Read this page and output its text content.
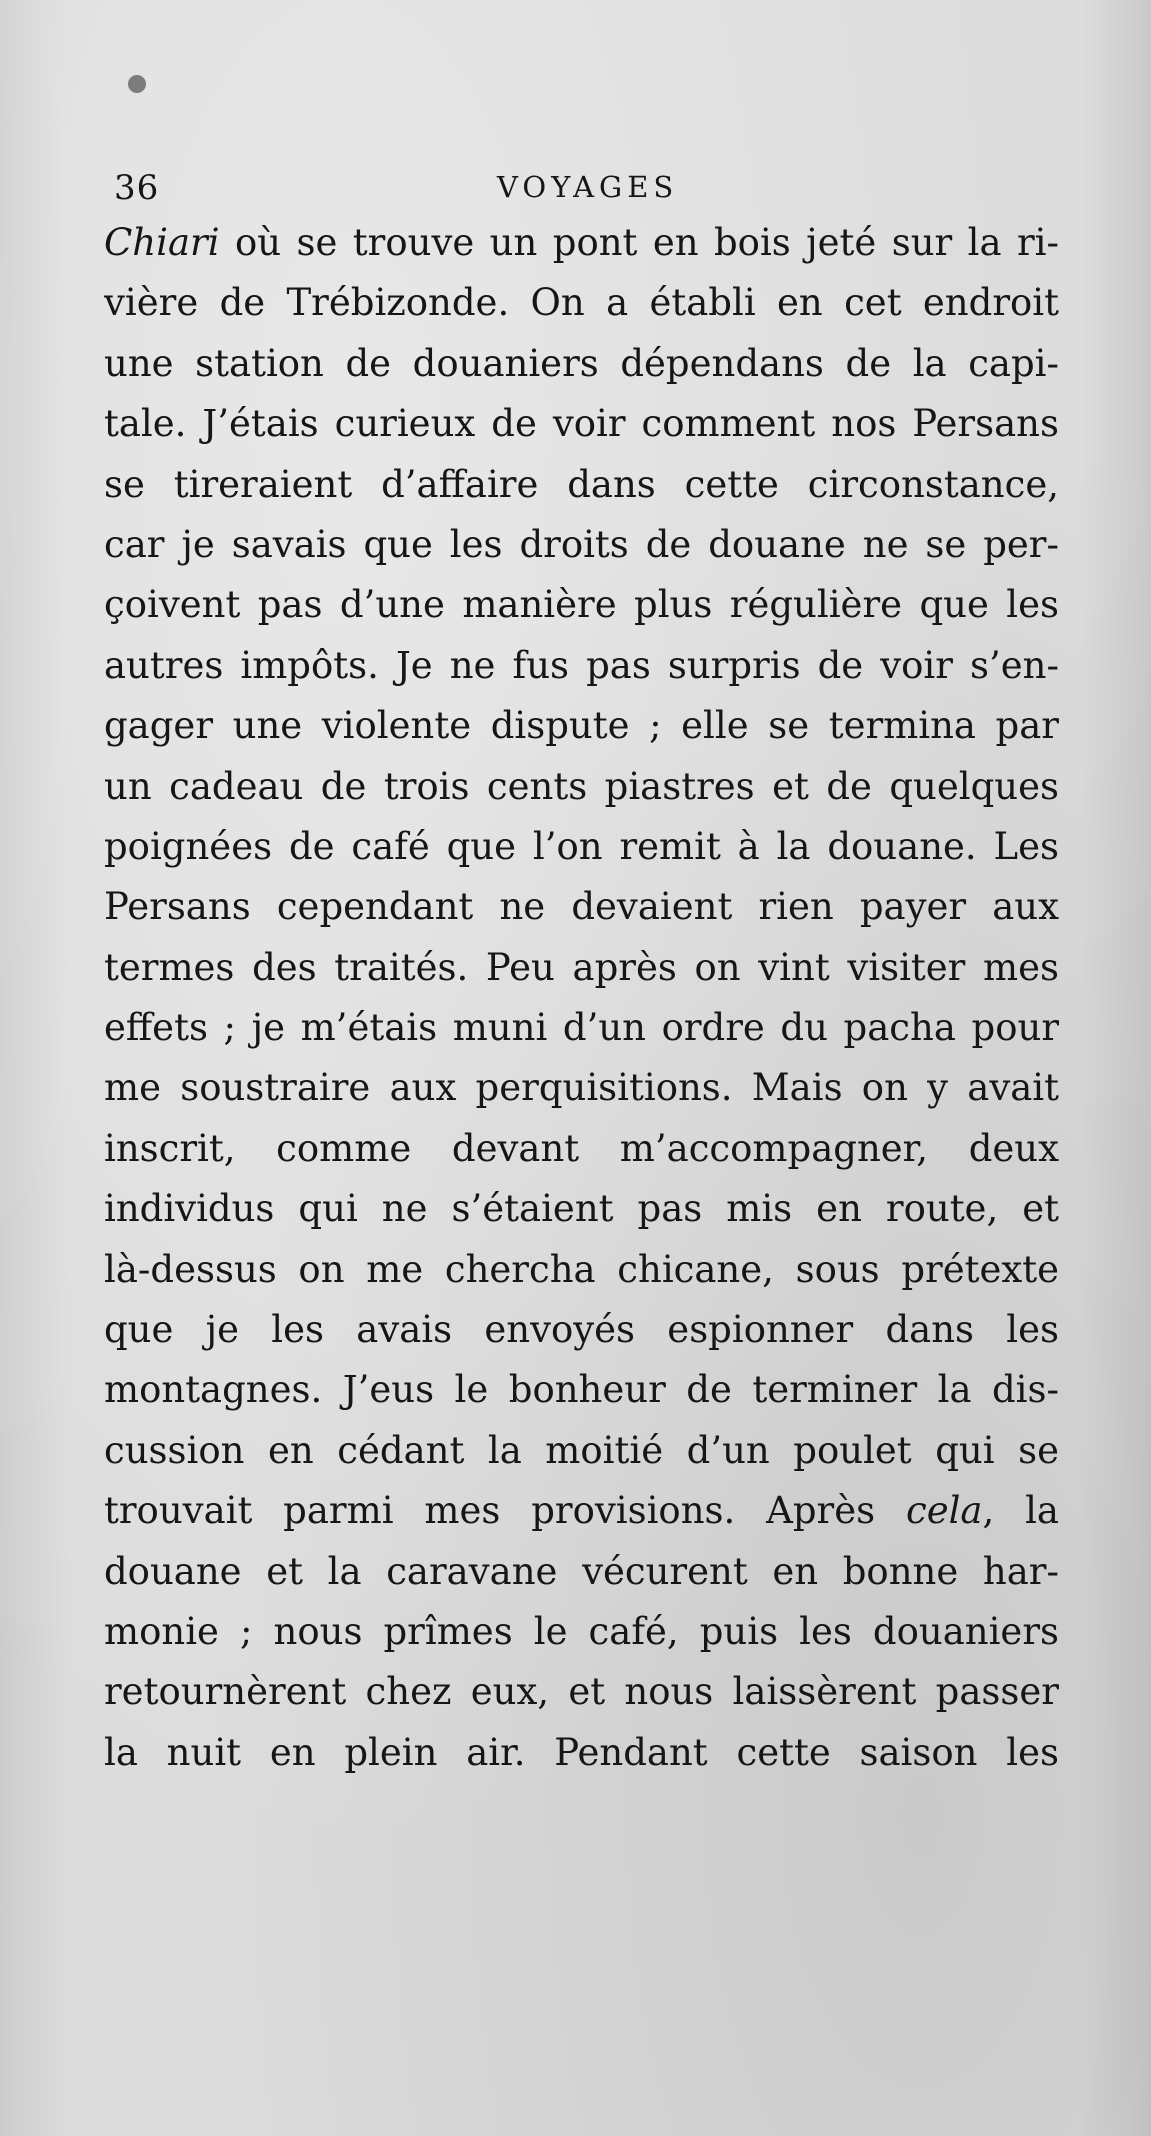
36	VOYAGES
Chiari où se trouve un pont en bois jeté sur la ri-
vière de Trébizonde. On a établi en cet endroit
une station de douaniers dépendans de la capi-
tale. J’étais curieux de voir comment nos Persans
se tireraient d’affaire dans cette circonstance,
car je savais que les droits de douane ne se per-
çoivent pas d’une manière plus régulière que les
autres impôts. Je ne fus pas surpris de voir s’en-
gager une violente dispute ; elle se termina par
un cadeau de trois cents piastres et de quelques
poignées de café que l’on remit à la douane. Les
Persans cependant ne devaient rien payer aux
termes des traités. Peu après on vint visiter mes
effets ; je m’étais muni d’un ordre du pacha pour
me soustraire aux perquisitions. Mais on y avait
inscrit, comme devant m’accompagner, deux
individus qui ne s’étaient pas mis en route, et
là-dessus on me chercha chicane, sous prétexte
que je les avais envoyés espionner dans les
montagnes. J’eus le bonheur de terminer la dis-
cussion en cédant la moitié d’un poulet qui se
trouvait parmi mes provisions. Après cela, la
douane et la caravane vécurent en bonne har-
monie ; nous prîmes le café, puis les douaniers
retournèrent chez eux, et nous laissèrent passer
la nuit en plein air. Pendant cette saison les
